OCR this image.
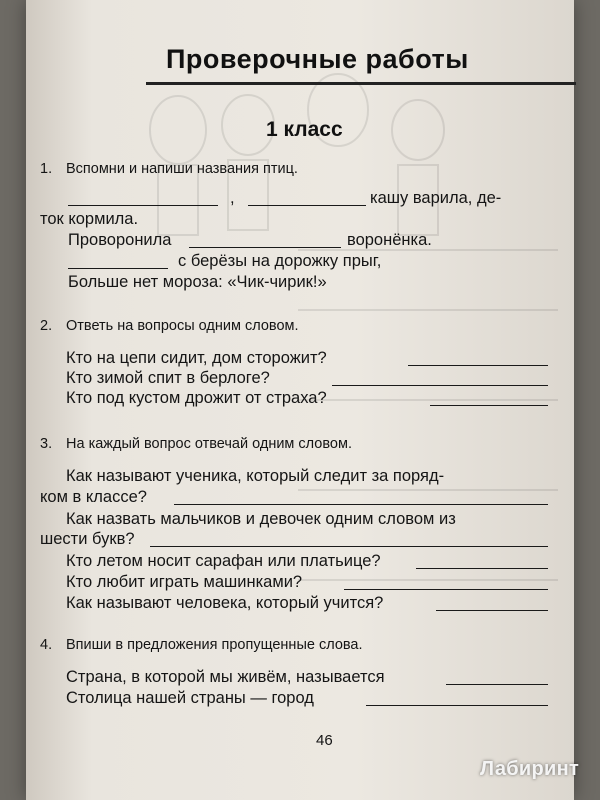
Проверочные работы
1 класс
1. Вспомни и напиши названия птиц.
,	кашу варила, де-
ток кормила.
Проворонила	воронёнка.
с берёзы на дорожку прыг,
Больше нет мороза: «Чик-чирик!»
2. Ответь на вопросы одним словом.
Кто на цепи сидит, дом сторожит?
Кто зимой спит в берлоге?
Кто под кустом дрожит от страха?
3. На каждый вопрос отвечай одним словом.
Как называют ученика, который следит за поряд-
ком в классе?
Как назвать мальчиков и девочек одним словом из
шести букв?
Кто летом носит сарафан или платьице?
Кто любит играть машинками?
Как называют человека, который учится?
4. Впиши в предложения пропущенные слова.
Страна, в которой мы живём, называется
Столица нашей страны — город
46
Лабиринт
